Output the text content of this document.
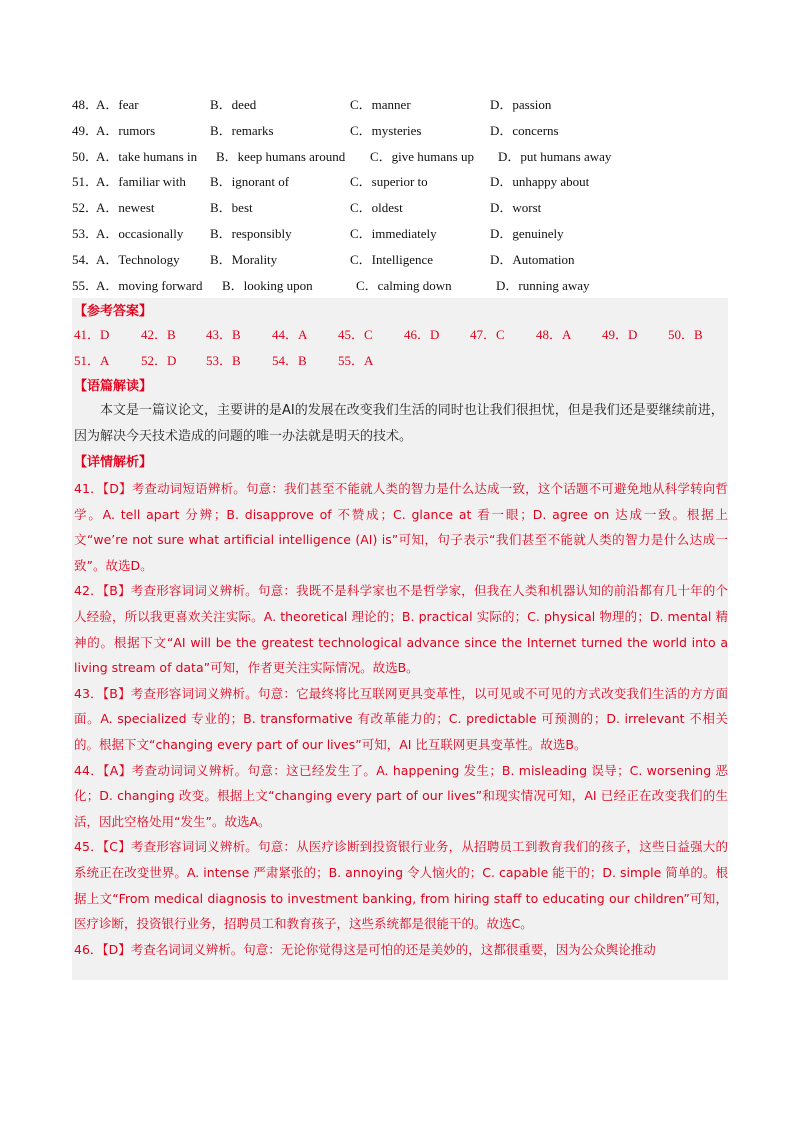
48．
A．fear	B．deed	C．manner	D．passion
49．
A．rumors	B．remarks	C．mysteries	D．concerns
50．
A．take humans in B．keep humans around C．give humans up D．put humans away
51．
A．familiar with B．ignorant of	C．superior to	D．unhappy about
52．
A．newest	B．best	C．oldest	D．worst
53．
A．occasionally B．responsibly	C．immediately	D．genuinely
54．
A．Technology B．Morality	C．Intelligence	D．Automation
55．
A．moving forward B．looking upon	C．calming down	D．running away
【参考答案】
41．D 42．B 43．B 44．A 45．C 46．D 47．C 48．A 49．D 50．B
51．A 52．D 53．B 54．B 55．A
【语篇解读】

本文是一篇议论文，主要讲的是AI的发展在改变我们生活的同时也让我们很担忧，但是我们还是要继续前进，因为解决今天技术造成的问题的唯一办法就是明天的技术。

【详情解析】

41．【D】考查动词短语辨析。句意：我们甚至不能就人类的智力是什么达成一致，这个话题不可避免地从科学转向哲学。A. tell apart 分辨；B. disapprove of 不赞成；C. glance at 看一眼；D. agree on 达成一致。根据上文“we’re not sure what artificial intelligence (AI) is”可知，句子表示“我们甚至不能就人类的智力是什么达成一致”。故选D。

42．【B】考查形容词词义辨析。句意：我既不是科学家也不是哲学家，但我在人类和机器认知的前沿都有几十年的个人经验，所以我更喜欢关注实际。A. theoretical 理论的；B. practical 实际的；C. physical 物理的；D. mental 精神的。根据下文“AI will be the greatest technological advance since the Internet turned the world into a living stream of data”可知，作者更关注实际情况。故选B。

43．【B】考查形容词词义辨析。句意：它最终将比互联网更具变革性，以可见或不可见的方式改变我们生活的方方面面。A. specialized 专业的；B. transformative 有改革能力的；C. predictable 可预测的；D. irrelevant 不相关的。根据下文“changing every part of our lives”可知，AI 比互联网更具变革性。故选B。

44．【A】考查动词词义辨析。句意：这已经发生了。A. happening 发生；B. misleading 误导；C. worsening 恶化；D. changing 改变。根据上文“changing every part of our lives”和现实情况可知，AI 已经正在改变我们的生活，因此空格处用“发生”。故选A。

45．【C】考查形容词词义辨析。句意：从医疗诊断到投资银行业务，从招聘员工到教育我们的孩子，这些日益强大的系统正在改变世界。A. intense 严肃紧张的；B. annoying 令人恼火的；C. capable 能干的；D. simple 简单的。根据上文“From medical diagnosis to investment banking, from hiring staff to educating our children”可知，医疗诊断，投资银行业务，招聘员工和教育孩子，这些系统都是很能干的。故选C。

46．【D】考查名词词义辨析。句意：无论你觉得这是可怕的还是美妙的，这都很重要，因为公众舆论推动
